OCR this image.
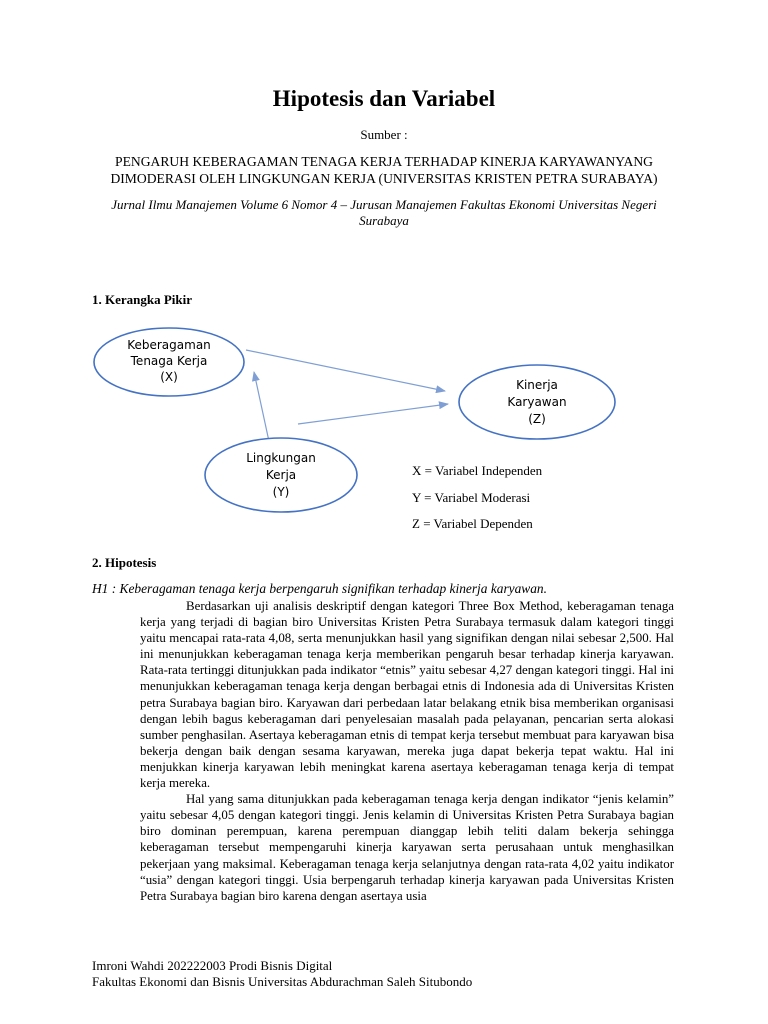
Hipotesis dan Variabel
Sumber :
PENGARUH KEBERAGAMAN TENAGA KERJA TERHADAP KINERJA KARYAWANYANG DIMODERASI OLEH LINGKUNGAN KERJA (UNIVERSITAS KRISTEN PETRA SURABAYA)
Jurnal Ilmu Manajemen Volume 6 Nomor 4 – Jurusan Manajemen Fakultas Ekonomi Universitas Negeri Surabaya
1. Kerangka Pikir
Keberagaman
Tenaga Kerja
(X)
Kinerja
Karyawan
(Z)
Lingkungan
Kerja
(Y)
X = Variabel Independen
Y = Variabel Moderasi
Z = Variabel Dependen
2. Hipotesis
H1 : Keberagaman tenaga kerja berpengaruh signifikan terhadap kinerja karyawan.

Berdasarkan uji analisis deskriptif dengan kategori Three Box Method, keberagaman tenaga kerja yang terjadi di bagian biro Universitas Kristen Petra Surabaya termasuk dalam kategori tinggi yaitu mencapai rata-rata 4,08, serta menunjukkan hasil yang signifikan dengan nilai sebesar 2,500. Hal ini menunjukkan keberagaman tenaga kerja memberikan pengaruh besar terhadap kinerja karyawan. Rata-rata tertinggi ditunjukkan pada indikator “etnis” yaitu sebesar 4,27 dengan kategori tinggi. Hal ini menunjukkan keberagaman tenaga kerja dengan berbagai etnis di Indonesia ada di Universitas Kristen petra Surabaya bagian biro. Karyawan dari perbedaan latar belakang etnik bisa memberikan organisasi dengan lebih bagus keberagaman dari penyelesaian masalah pada pelayanan, pencarian serta alokasi sumber penghasilan. Asertaya keberagaman etnis di tempat kerja tersebut membuat para karyawan bisa bekerja dengan baik dengan sesama karyawan, mereka juga dapat bekerja tepat waktu. Hal ini menjukkan kinerja karyawan lebih meningkat karena asertaya keberagaman tenaga kerja di tempat kerja mereka.

Hal yang sama ditunjukkan pada keberagaman tenaga kerja dengan indikator “jenis kelamin” yaitu sebesar 4,05 dengan kategori tinggi. Jenis kelamin di Universitas Kristen Petra Surabaya bagian biro dominan perempuan, karena perempuan dianggap lebih teliti dalam bekerja sehingga keberagaman tersebut mempengaruhi kinerja karyawan serta perusahaan untuk menghasilkan pekerjaan yang maksimal. Keberagaman tenaga kerja selanjutnya dengan rata-rata 4,02 yaitu indikator “usia” dengan kategori tinggi. Usia berpengaruh terhadap kinerja karyawan pada Universitas Kristen Petra Surabaya bagian biro karena dengan asertaya usia

Imroni Wahdi 202222003 Prodi Bisnis Digital
Fakultas Ekonomi dan Bisnis Universitas Abdurachman Saleh Situbondo
